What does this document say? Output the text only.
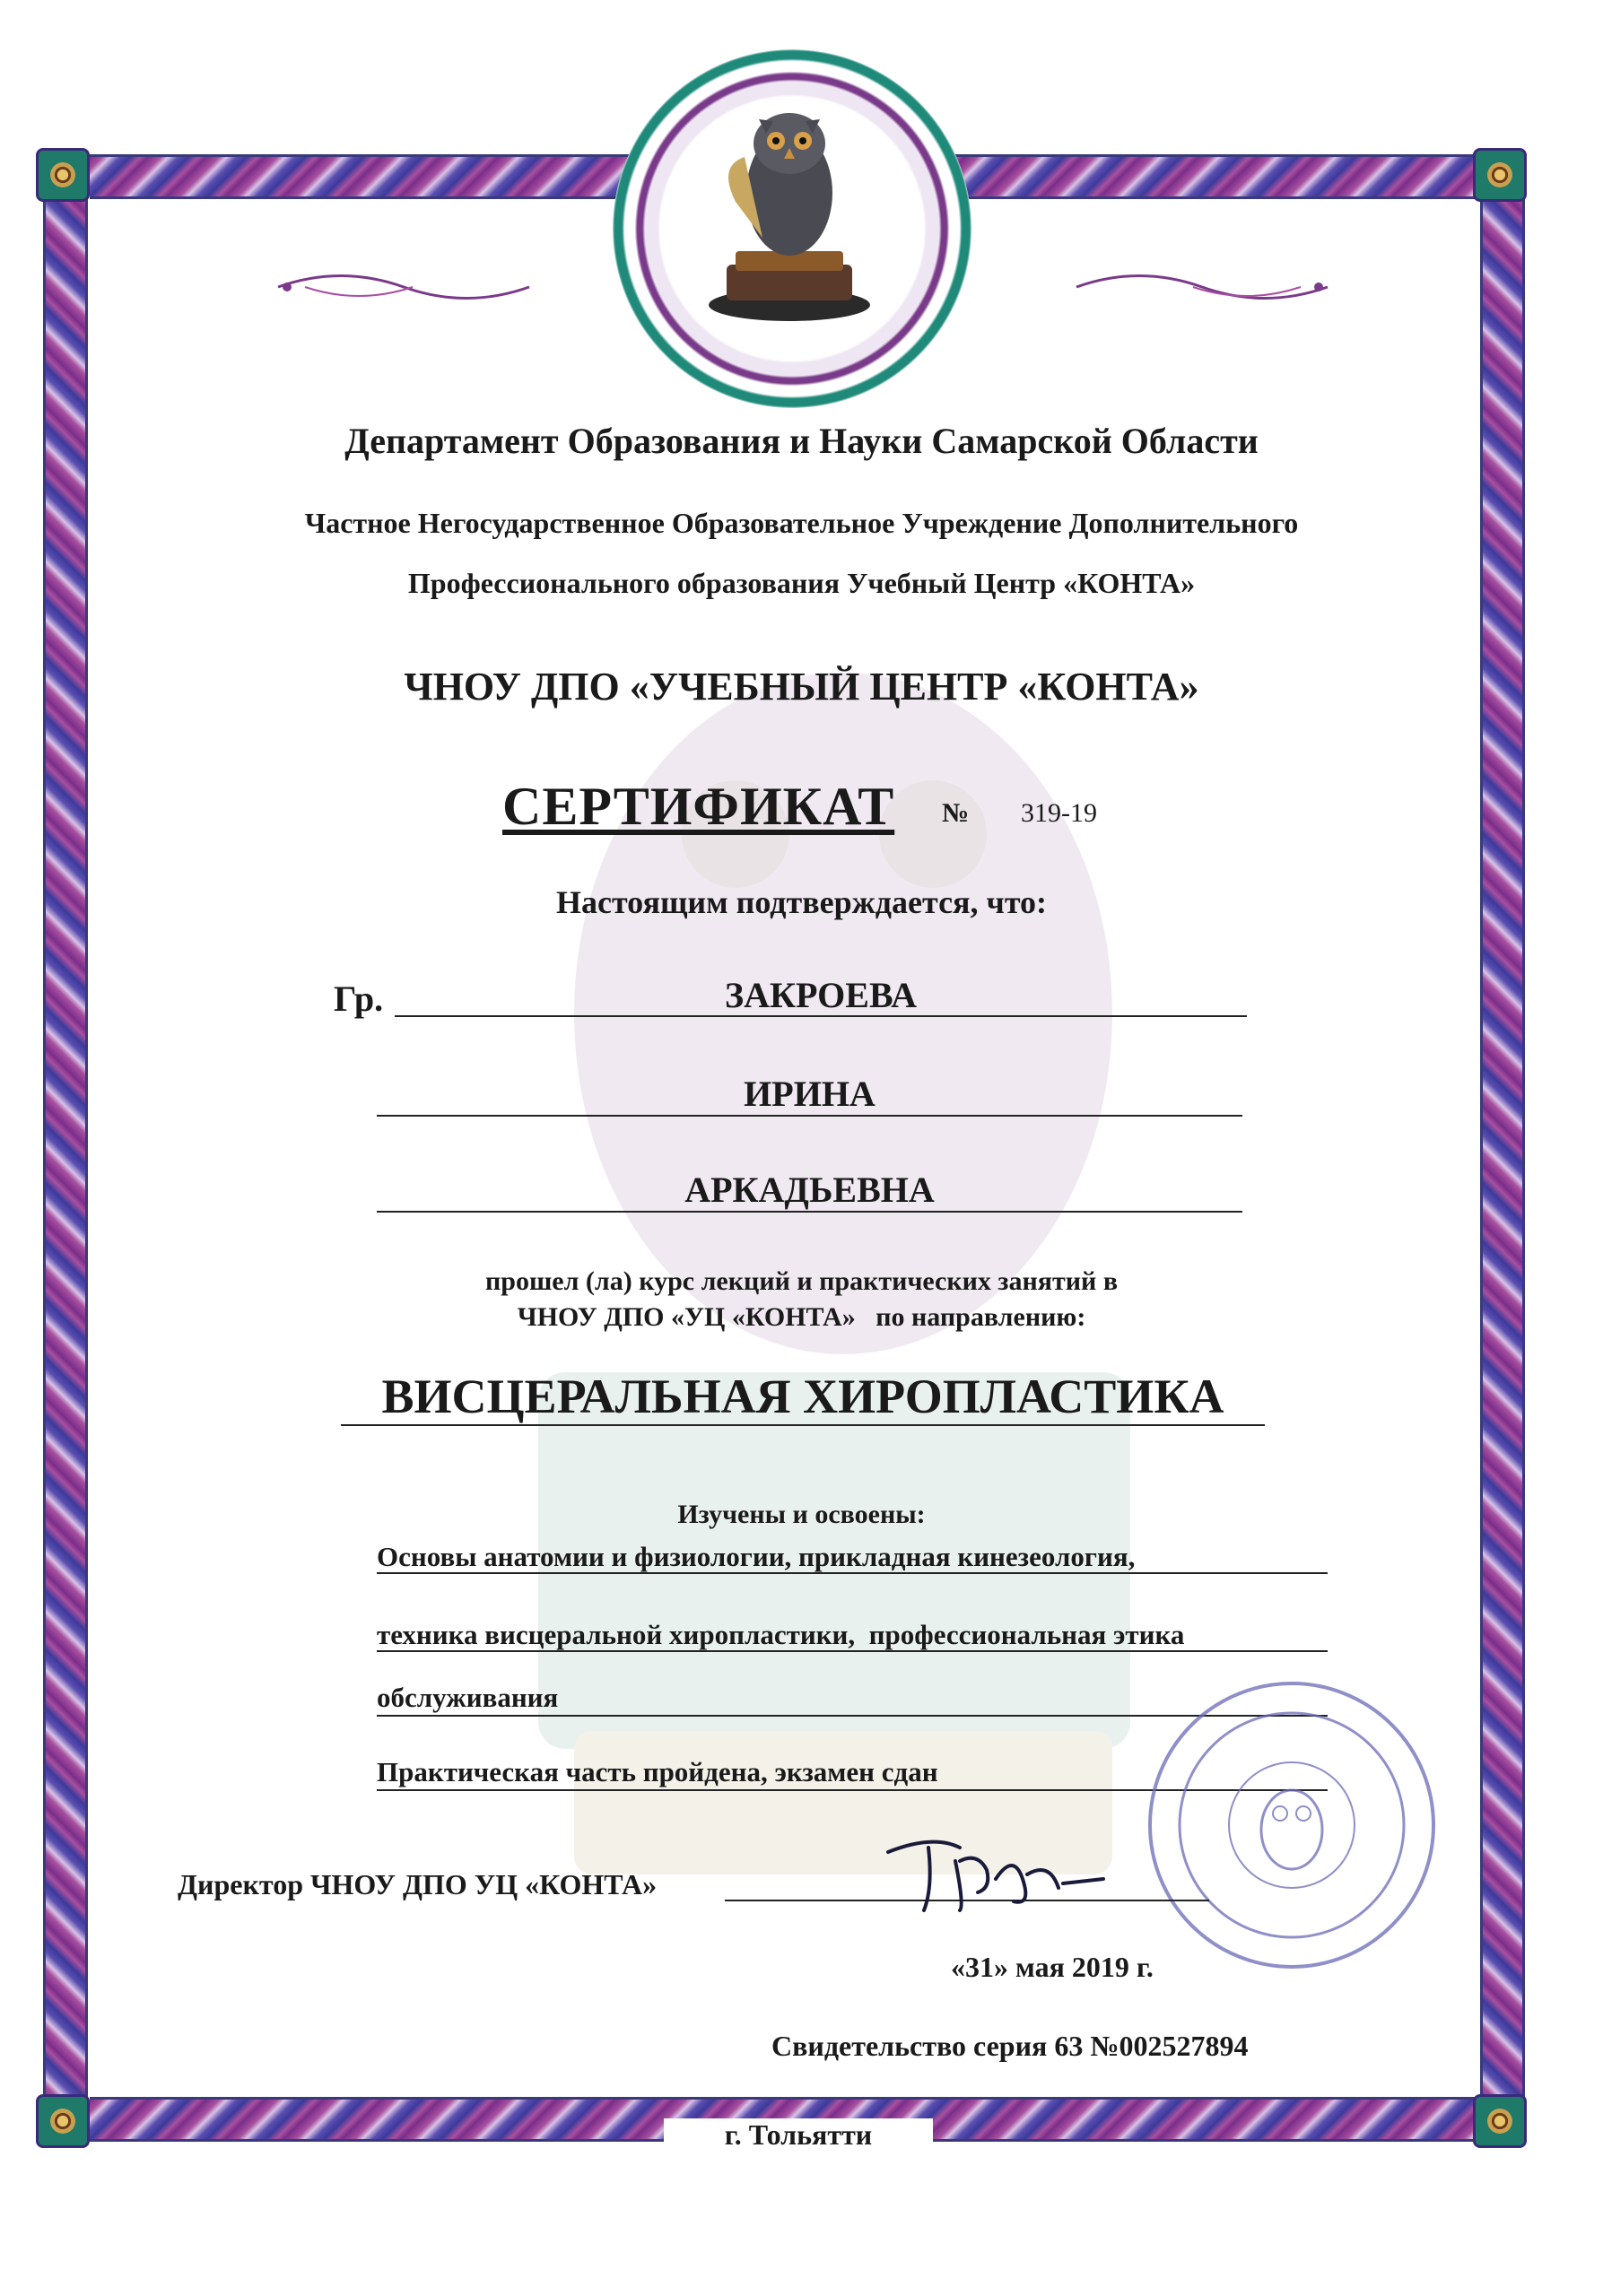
Департамент Образования и Науки Самарской Области
Частное Негосударственное Образовательное Учреждение Дополнительного
Профессионального образования Учебный Центр «КОНТА»
ЧНОУ ДПО «УЧЕБНЫЙ ЦЕНТР «КОНТА»
СЕРТИФИКАТ № 319-19
Настоящим подтверждается, что:
Гр.	ЗАКРОЕВА
ИРИНА
АРКАДЬЕВНА
прошел (ла) курс лекций и практических занятий в
ЧНОУ ДПО «УЦ «КОНТА»   по направлению:
ВИСЦЕРАЛЬНАЯ ХИРОПЛАСТИКА
Изучены и освоены:
Основы анатомии и физиологии, прикладная кинезеология,
техника висцеральной хиропластики,  профессиональная этика
обслуживания
Практическая часть пройдена, экзамен сдан
Директор ЧНОУ ДПО УЦ «КОНТА»
«31» мая 2019 г.
Свидетельство серия 63 №002527894
г. Тольятти
